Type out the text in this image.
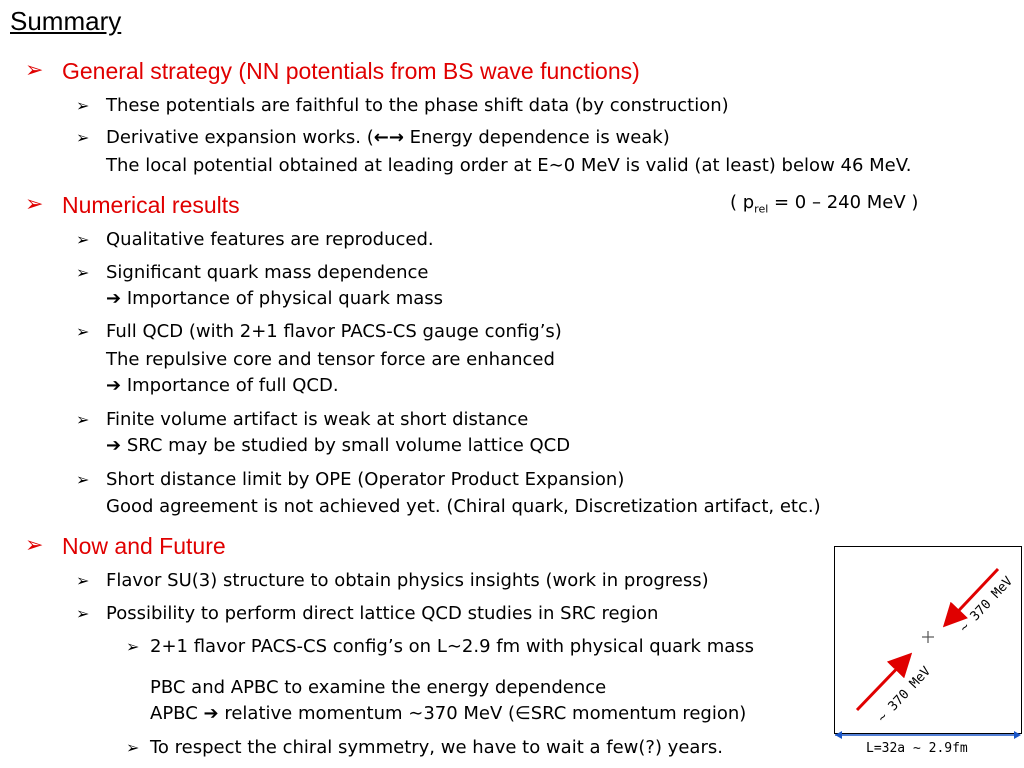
Summary
➢ General strategy (NN potentials from BS wave functions)
➢ These potentials are faithful to the phase shift data (by construction)
➢ Derivative expansion works. (←→ Energy dependence is weak)
The local potential obtained at leading order at E∼0 MeV is valid (at least) below 46 MeV.
➢ Numerical results	( $p_{rel} = 0 - 240$ MeV )
➢ Qualitative features are reproduced.
➢ Significant quark mass dependence
➔ Importance of physical quark mass
➢ Full QCD (with 2+1 flavor PACS-CS gauge config’s)
The repulsive core and tensor force are enhanced
➔ Importance of full QCD.
➢ Finite volume artifact is weak at short distance
➔ SRC may be studied by small volume lattice QCD
➢ Short distance limit by OPE (Operator Product Expansion)
Good agreement is not achieved yet. (Chiral quark, Discretization artifact, etc.)
➢ Now and Future
➢ Flavor SU(3) structure to obtain physics insights (work in progress)
➢ Possibility to perform direct lattice QCD studies in SRC region
➢ 2+1 flavor PACS-CS config’s on L∼2.9 fm with physical quark mass
PBC and APBC to examine the energy dependence
APBC ➔ relative momentum ∼370 MeV (∈SRC momentum region)
➢ To respect the chiral symmetry, we have to wait a few(?) years.
∼ 370 MeV
∼ 370 MeV
L=32a ∼ 2.9fm
